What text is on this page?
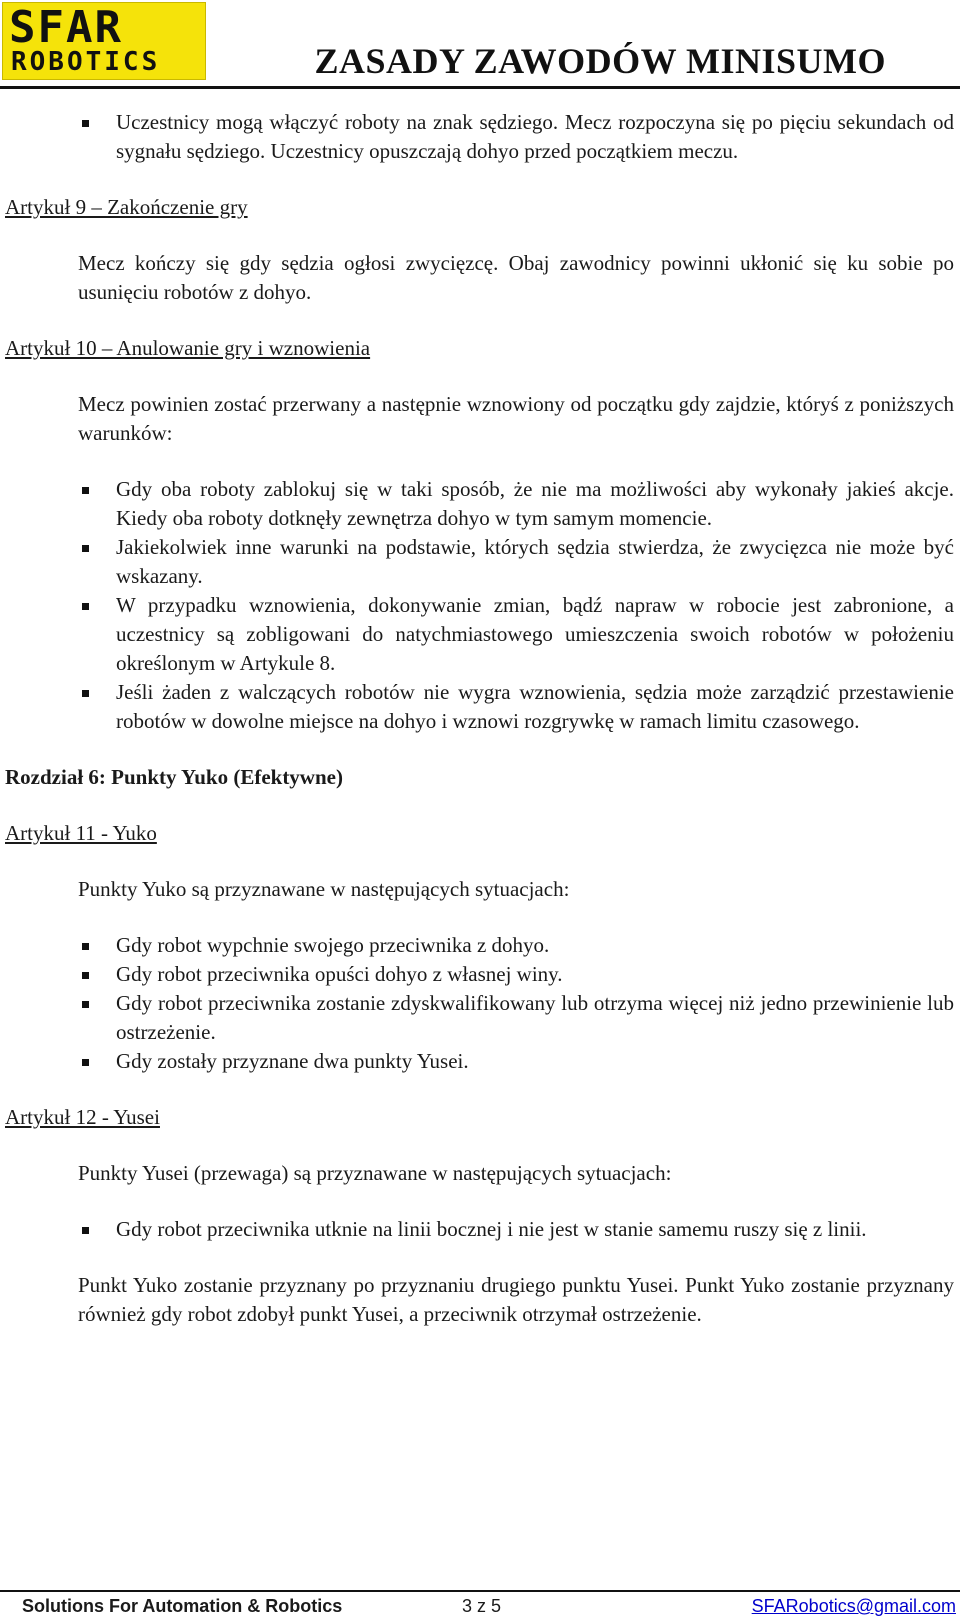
SFAR
ROBOTICS	ZASADY ZAWODÓW MINISUMO
Uczestnicy mogą włączyć roboty na znak sędziego. Mecz rozpoczyna się po pięciu sekundach od sygnału sędziego. Uczestnicy opuszczają dohyo przed początkiem meczu.

Artykuł 9 – Zakończenie gry

Mecz kończy się gdy sędzia ogłosi zwycięzcę. Obaj zawodnicy powinni ukłonić się ku sobie po usunięciu robotów z dohyo.

Artykuł 10 – Anulowanie gry i wznowienia

Mecz powinien zostać przerwany a następnie wznowiony od początku gdy zajdzie, któryś z poniższych warunków:

Gdy oba roboty zablokuj się w taki sposób, że nie ma możliwości aby wykonały jakieś akcje. Kiedy oba roboty dotknęły zewnętrza dohyo w tym samym momencie.
Jakiekolwiek inne warunki na podstawie, których sędzia stwierdza, że zwycięzca nie może być wskazany.
W przypadku wznowienia, dokonywanie zmian, bądź napraw w robocie jest zabronione, a uczestnicy są zobligowani do natychmiastowego umieszczenia swoich robotów w położeniu określonym w Artykule 8.
Jeśli żaden z walczących robotów nie wygra wznowienia, sędzia może zarządzić przestawienie robotów w dowolne miejsce na dohyo i wznowi rozgrywkę w ramach limitu czasowego.

Rozdział 6: Punkty Yuko (Efektywne)

Artykuł 11 - Yuko

Punkty Yuko są przyznawane w następujących sytuacjach:

Gdy robot wypchnie swojego przeciwnika z dohyo.
Gdy robot przeciwnika opuści dohyo z własnej winy.
Gdy robot przeciwnika zostanie zdyskwalifikowany lub otrzyma więcej niż jedno przewinienie lub ostrzeżenie.
Gdy zostały przyznane dwa punkty Yusei.

Artykuł 12 - Yusei

Punkty Yusei (przewaga) są przyznawane w następujących sytuacjach:

Gdy robot przeciwnika utknie na linii bocznej i nie jest w stanie samemu ruszy się z linii.

Punkt Yuko zostanie przyznany po przyznaniu drugiego punktu Yusei. Punkt Yuko zostanie przyznany również gdy robot zdobył punkt Yusei, a przeciwnik otrzymał ostrzeżenie.

Solutions For Automation & Robotics	3 z 5	SFARobotics@gmail.com
